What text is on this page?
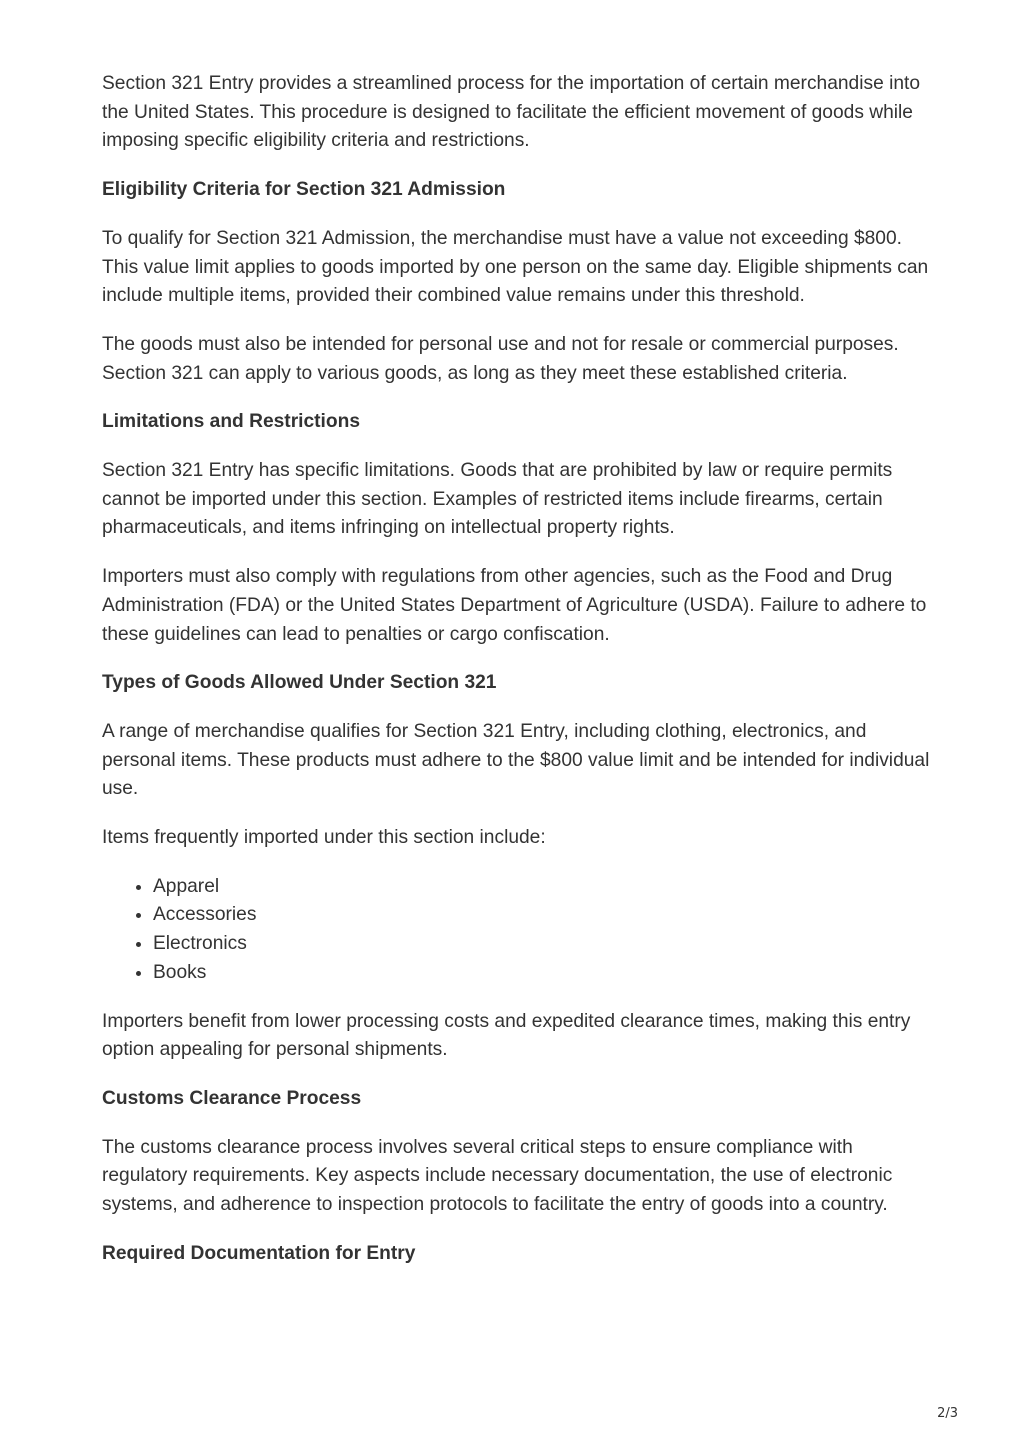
Section 321 Entry provides a streamlined process for the importation of certain merchandise into the United States. This procedure is designed to facilitate the efficient movement of goods while imposing specific eligibility criteria and restrictions.

Eligibility Criteria for Section 321 Admission

To qualify for Section 321 Admission, the merchandise must have a value not exceeding $800. This value limit applies to goods imported by one person on the same day. Eligible shipments can include multiple items, provided their combined value remains under this threshold.

The goods must also be intended for personal use and not for resale or commercial purposes. Section 321 can apply to various goods, as long as they meet these established criteria.

Limitations and Restrictions

Section 321 Entry has specific limitations. Goods that are prohibited by law or require permits cannot be imported under this section. Examples of restricted items include firearms, certain pharmaceuticals, and items infringing on intellectual property rights.

Importers must also comply with regulations from other agencies, such as the Food and Drug Administration (FDA) or the United States Department of Agriculture (USDA). Failure to adhere to these guidelines can lead to penalties or cargo confiscation.

Types of Goods Allowed Under Section 321

A range of merchandise qualifies for Section 321 Entry, including clothing, electronics, and personal items. These products must adhere to the $800 value limit and be intended for individual use.

Items frequently imported under this section include:

• Apparel
• Accessories
• Electronics
• Books

Importers benefit from lower processing costs and expedited clearance times, making this entry option appealing for personal shipments.

Customs Clearance Process

The customs clearance process involves several critical steps to ensure compliance with regulatory requirements. Key aspects include necessary documentation, the use of electronic systems, and adherence to inspection protocols to facilitate the entry of goods into a country.

Required Documentation for Entry
2/3
